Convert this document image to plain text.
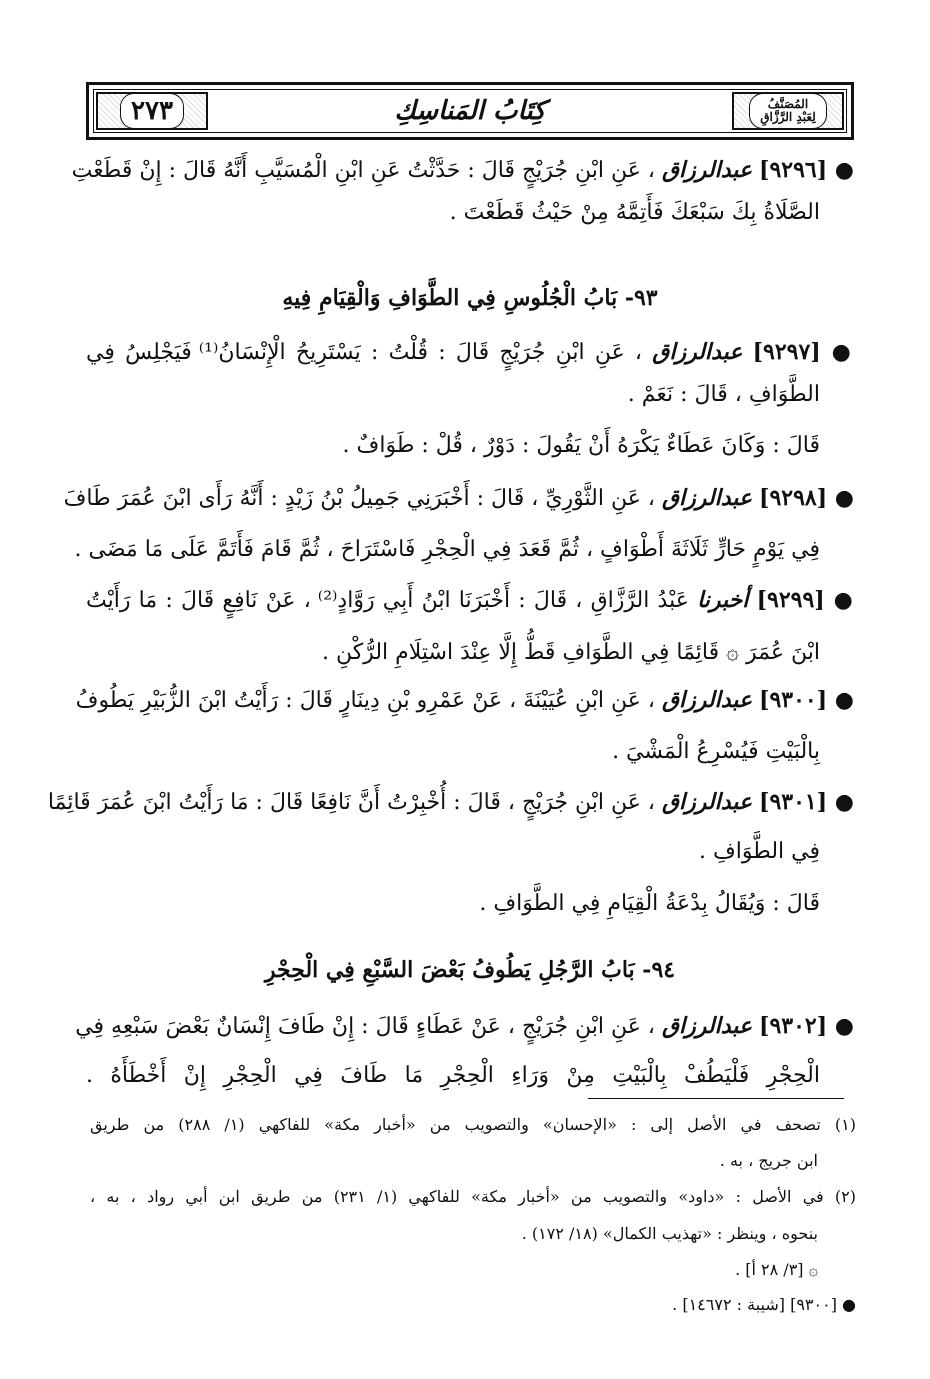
المُصَنَّفُ
لِعَبْدِ الرَّزَّاقِ
كِتَابُ المَناسِكِ
٢٧٣
● [٩٢٩٦] عبدالرزاق ، عَنِ ابْنِ جُرَيْجٍ قَالَ : حَدَّثْتُ عَنِ ابْنِ الْمُسَيَّبِ أَنَّهُ قَالَ : إِنْ قَطَعْتِ
الصَّلَاةُ بِكَ سَبْعَكَ فَأَتِمَّهُ مِنْ حَيْثُ قَطَعْتَ .
٩٣- بَابُ الْجُلُوسِ فِي الطَّوَافِ وَالْقِيَامِ فِيهِ
● [٩٢٩٧] عبدالرزاق ، عَنِ ابْنِ جُرَيْجٍ قَالَ : قُلْتُ : يَسْتَرِيحُ الْإِنْسَانُ⁽¹⁾ فَيَجْلِسُ فِي
الطَّوَافِ ، قَالَ : نَعَمْ .
قَالَ : وَكَانَ عَطَاءٌ يَكْرَهُ أَنْ يَقُولَ : دَوْرٌ ، قُلْ : طَوَافٌ .
● [٩٢٩٨] عبدالرزاق ، عَنِ الثَّوْرِيِّ ، قَالَ : أَخْبَرَنِي جَمِيلُ بْنُ زَيْدٍ : أَنَّهُ رَأَى ابْنَ عُمَرَ طَافَ
فِي يَوْمٍ حَارٍّ ثَلَاثَةَ أَطْوَافٍ ، ثُمَّ قَعَدَ فِي الْحِجْرِ فَاسْتَرَاحَ ، ثُمَّ قَامَ فَأَتَمَّ عَلَى مَا مَضَى .
● [٩٢٩٩] أخبرنا عَبْدُ الرَّزَّاقِ ، قَالَ : أَخْبَرَنَا ابْنُ أَبِي رَوَّادٍ⁽²⁾ ، عَنْ نَافِعٍ قَالَ : مَا رَأَيْتُ
ابْنَ عُمَرَ ۞ قَائِمًا فِي الطَّوَافِ قَطُّ إِلَّا عِنْدَ اسْتِلَامِ الرُّكْنِ .
● [٩٣٠٠] عبدالرزاق ، عَنِ ابْنِ عُيَيْنَةَ ، عَنْ عَمْرِو بْنِ دِينَارٍ قَالَ : رَأَيْتُ ابْنَ الزُّبَيْرِ يَطُوفُ
بِالْبَيْتِ فَيُسْرِعُ الْمَشْيَ .
● [٩٣٠١] عبدالرزاق ، عَنِ ابْنِ جُرَيْجٍ ، قَالَ : أُخْبِرْتُ أَنَّ نَافِعًا قَالَ : مَا رَأَيْتُ ابْنَ عُمَرَ قَائِمًا
فِي الطَّوَافِ .
قَالَ : وَيُقَالُ بِدْعَةُ الْقِيَامِ فِي الطَّوَافِ .
٩٤- بَابُ الرَّجُلِ يَطُوفُ بَعْضَ السَّبْعِ فِي الْحِجْرِ
● [٩٣٠٢] عبدالرزاق ، عَنِ ابْنِ جُرَيْجٍ ، عَنْ عَطَاءٍ قَالَ : إِنْ طَافَ إِنْسَانٌ بَعْضَ سَبْعِهِ فِي
الْحِجْرِ فَلْيَطُفْ بِالْبَيْتِ مِنْ وَرَاءِ الْحِجْرِ مَا طَافَ فِي الْحِجْرِ إِنْ أَخْطَأَهُ .
(١) تصحف في الأصل إلى : «الإحسان» والتصويب من «أخبار مكة» للفاكهي (١/ ٢٨٨) من طريق
ابن جريج ، به .
(٢) في الأصل : «داود» والتصويب من «أخبار مكة» للفاكهي (١/ ٢٣١) من طريق ابن أبي رواد ، به ،
بنحوه ، وينظر : «تهذيب الكمال» (١٨/ ١٧٢) .
۞ [٣/ ٢٨ أ] .
● [٩٣٠٠] [شيبة : ١٤٦٧٢] .
